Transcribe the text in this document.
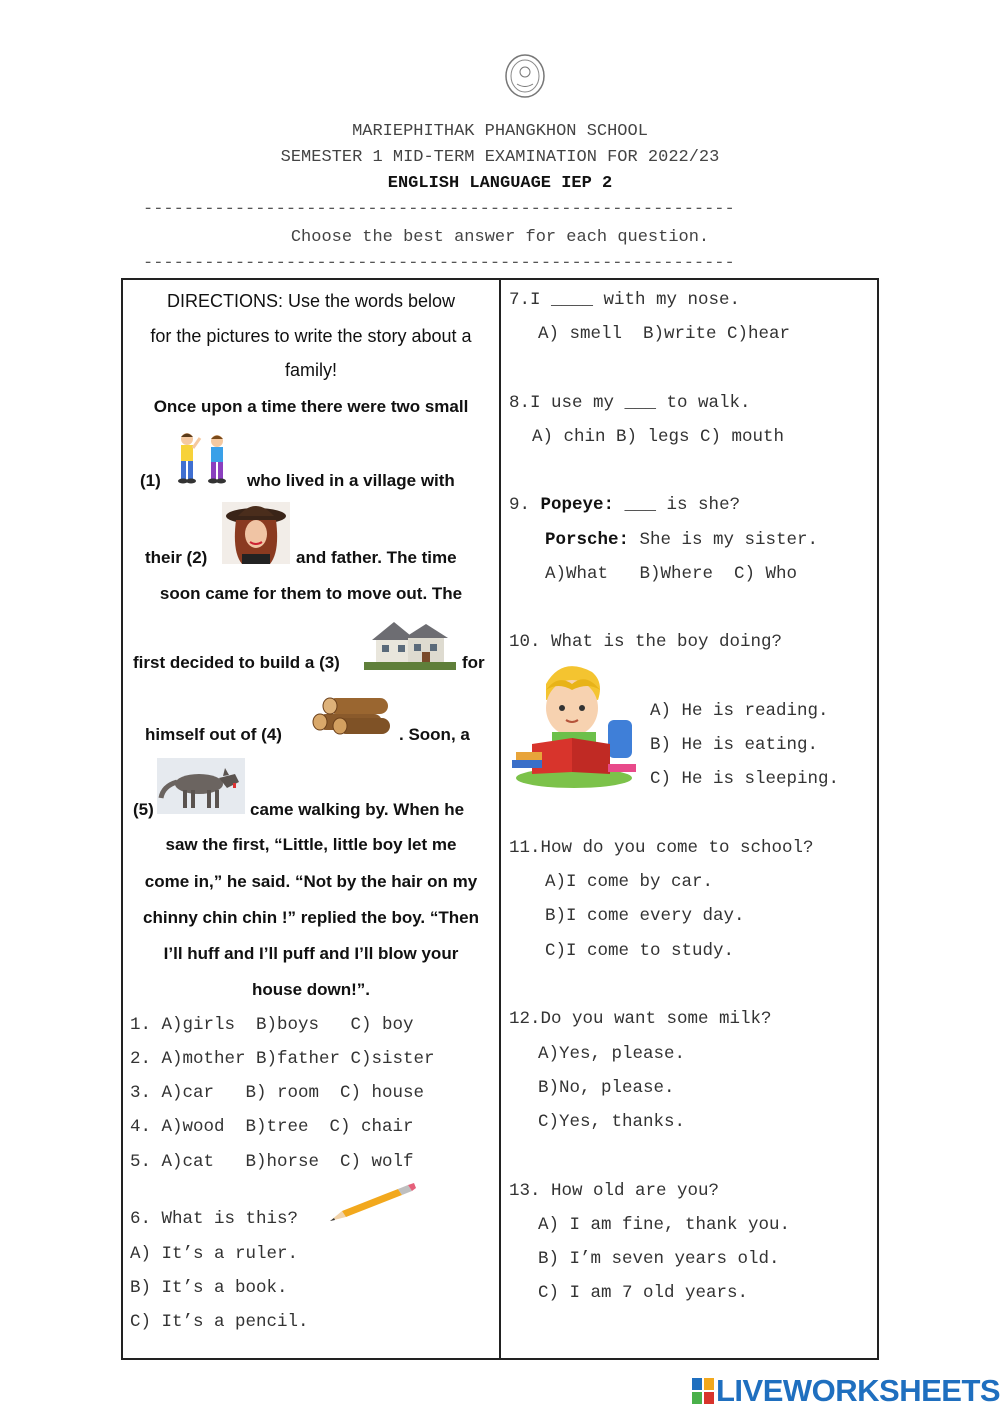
MARIEPHITHAK PHANGKHON SCHOOL
SEMESTER 1 MID-TERM EXAMINATION FOR 2022/23
ENGLISH LANGUAGE IEP 2
----------------------------------------------------------
Choose the best answer for each question.
----------------------------------------------------------
DIRECTIONS: Use the words below
for the pictures to write the story about a
family!
Once upon a time there were two small
(1)	who lived in a village with
their (2)	and father. The time
soon came for them to move out. The
first decided to build a (3)	for
himself out of (4)	. Soon, a
(5)	came walking by. When he
saw the first, “Little, little boy let me
come in,” he said. “Not by the hair on my
chinny chin chin !” replied the boy. “Then
I’ll huff and I’ll puff and I’ll blow your
house down!”.
1. A)girls  B)boys   C) boy
2. A)mother B)father C)sister
3. A)car   B) room  C) house
4. A)wood  B)tree  C) chair
5. A)cat   B)horse  C) wolf
6. What is this?
A) It’s a ruler.
B) It’s a book.
C) It’s a pencil.
7.I ____ with my nose.
A) smell  B)write C)hear
8.I use my ___ to walk.
A) chin B) legs C) mouth
9. Popeye: ___ is she?
Porsche: She is my sister.
A)What   B)Where  C) Who
10. What is the boy doing?
A) He is reading.
B) He is eating.
C) He is sleeping.
11.How do you come to school?
A)I come by car.
B)I come every day.
C)I come to study.
12.Do you want some milk?
A)Yes, please.
B)No, please.
C)Yes, thanks.
13. How old are you?
A) I am fine, thank you.
B) I’m seven years old.
C) I am 7 old years.
LIVEWORKSHEETS
